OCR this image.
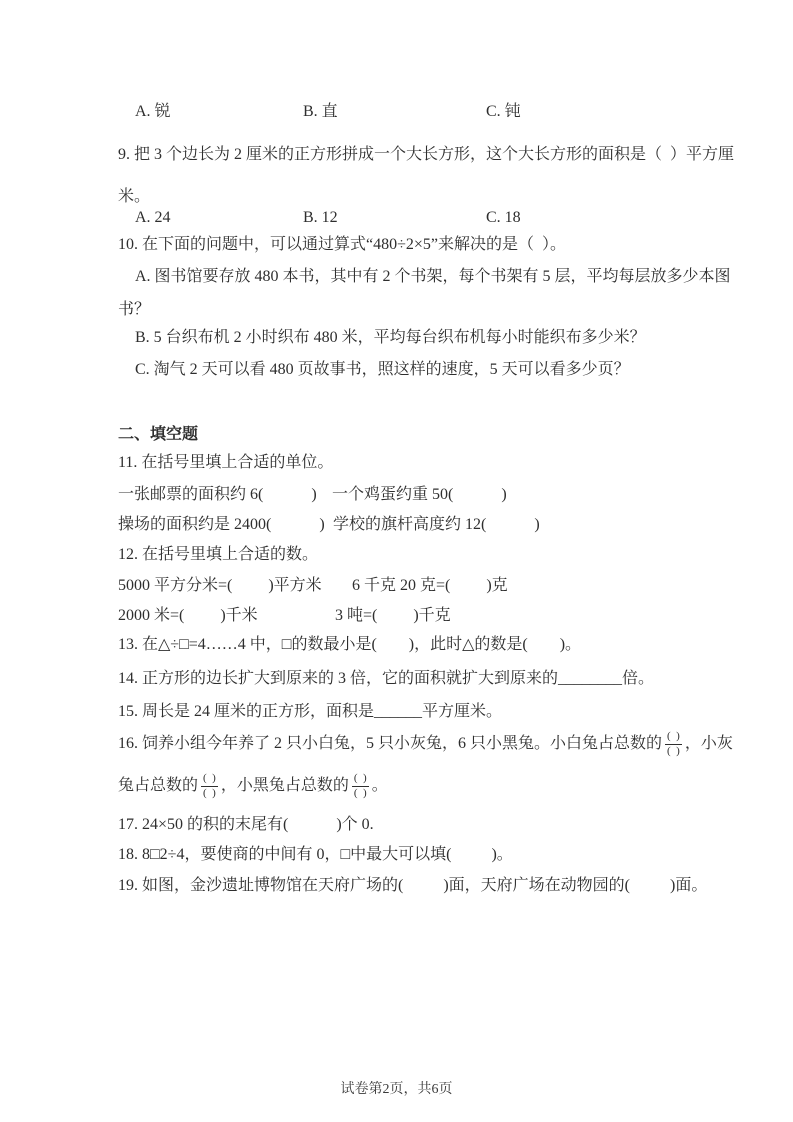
A. 锐	B. 直	C. 钝
9. 把 3 个边长为 2 厘米的正方形拼成一个大长方形，这个大长方形的面积是（  ）平方厘
米。
A. 24	B. 12	C. 18
10. 在下面的问题中，可以通过算式“480÷2×5”来解决的是（  ）。
A. 图书馆要存放 480 本书，其中有 2 个书架，每个书架有 5 层，平均每层放多少本图
书？
B. 5 台织布机 2 小时织布 480 米，平均每台织布机每小时能织布多少米？
C. 淘气 2 天可以看 480 页故事书，照这样的速度，5 天可以看多少页？
二、填空题
11. 在括号里填上合适的单位。
一张邮票的面积约 6(            ) 一个鸡蛋约重 50(            )
操场的面积约是 2400(            ) 学校的旗杆高度约 12(            )
12. 在括号里填上合适的数。
5000 平方分米=(         )平方米 6 千克 20 克=(         )克
2000 米=(         )千米	3 吨=(         )千克
13. 在△÷□=4……4 中，□的数最小是(        )，此时△的数是(        )。
14. 正方形的边长扩大到原来的 3 倍，它的面积就扩大到原来的________倍。
15. 周长是 24 厘米的正方形，面积是______平方厘米。
16. 饲养小组今年养了 2 只小白兔，5 只小灰兔，6 只小黑兔。小白兔占总数的 $\frac{( )}{( )}$ ，小灰
兔占总数的 $\frac{( )}{( )}$ ，小黑兔占总数的 $\frac{( )}{( )}$ 。
17. 24×50 的积的末尾有(            )个 0.
18. 8□2÷4，要使商的中间有 0，□中最大可以填(          )。
19. 如图，金沙遗址博物馆在天府广场的(          )面，天府广场在动物园的(          )面。
试卷第2页，共6页
